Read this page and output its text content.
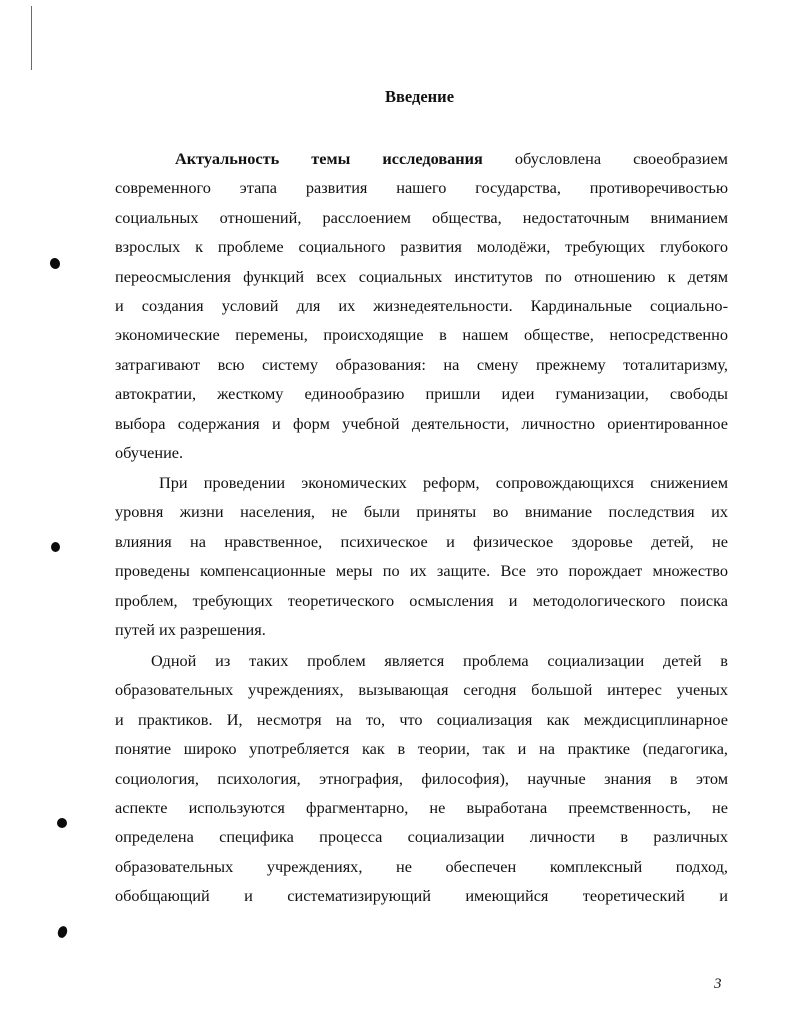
Введение
Актуальность темы исследования обусловлена своеобразием
современного этапа развития нашего государства, противоречивостью
социальных отношений, расслоением общества, недостаточным вниманием
взрослых к проблеме социального развития молодёжи, требующих глубокого
переосмысления функций всех социальных институтов по отношению к детям
и создания условий для их жизнедеятельности. Кардинальные социально-
экономические перемены, происходящие в нашем обществе, непосредственно
затрагивают всю систему образования: на смену прежнему тоталитаризму,
автократии, жесткому единообразию пришли идеи гуманизации, свободы
выбора содержания и форм учебной деятельности, личностно ориентированное
обучение.
При проведении экономических реформ, сопровождающихся снижением
уровня жизни населения, не были приняты во внимание последствия их
влияния на нравственное, психическое и физическое здоровье детей, не
проведены компенсационные меры по их защите. Все это порождает множество
проблем, требующих теоретического осмысления и методологического поиска
путей их разрешения.
Одной из таких проблем является проблема социализации детей в
образовательных учреждениях, вызывающая сегодня большой интерес ученых
и практиков. И, несмотря на то, что социализация как междисциплинарное
понятие широко употребляется как в теории, так и на практике (педагогика,
социология, психология, этнография, философия), научные знания в этом
аспекте используются фрагментарно, не выработана преемственность, не
определена специфика процесса социализации личности в различных
образовательных учреждениях, не обеспечен комплексный подход,
обобщающий и систематизирующий имеющийся теоретический и
3
